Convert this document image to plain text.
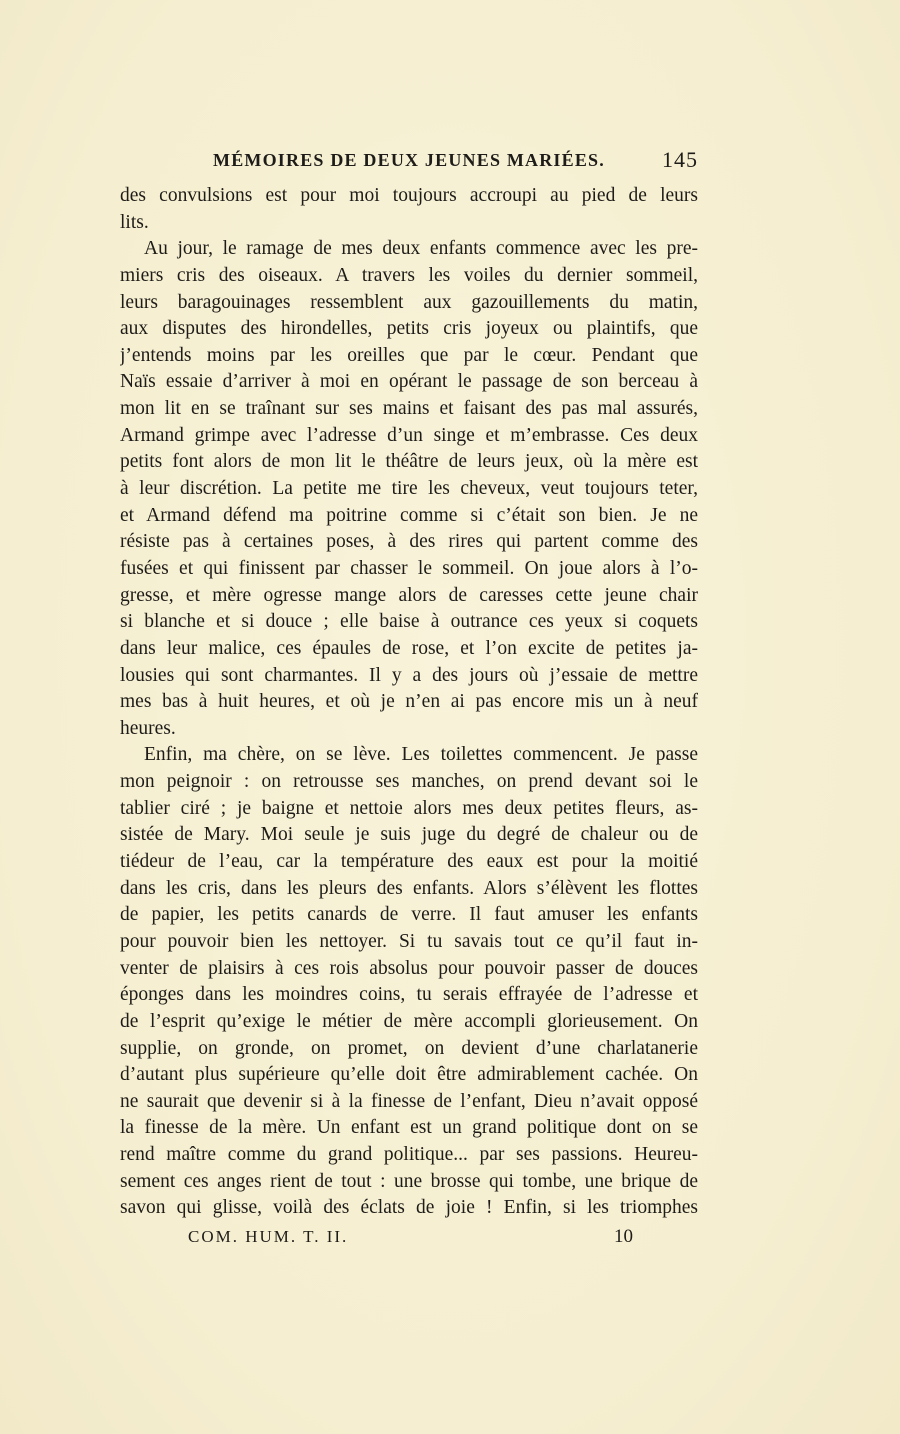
MÉMOIRES DE DEUX JEUNES MARIÉES.	145
des convulsions est pour moi toujours accroupi au pied de leurs
lits.
Au jour, le ramage de mes deux enfants commence avec les pre-
miers cris des oiseaux. A travers les voiles du dernier sommeil,
leurs baragouinages ressemblent aux gazouillements du matin,
aux disputes des hirondelles, petits cris joyeux ou plaintifs, que
j’entends moins par les oreilles que par le cœur. Pendant que
Naïs essaie d’arriver à moi en opérant le passage de son berceau à
mon lit en se traînant sur ses mains et faisant des pas mal assurés,
Armand grimpe avec l’adresse d’un singe et m’embrasse. Ces deux
petits font alors de mon lit le théâtre de leurs jeux, où la mère est
à leur discrétion. La petite me tire les cheveux, veut toujours teter,
et Armand défend ma poitrine comme si c’était son bien. Je ne
résiste pas à certaines poses, à des rires qui partent comme des
fusées et qui finissent par chasser le sommeil. On joue alors à l’o-
gresse, et mère ogresse mange alors de caresses cette jeune chair
si blanche et si douce ; elle baise à outrance ces yeux si coquets
dans leur malice, ces épaules de rose, et l’on excite de petites ja-
lousies qui sont charmantes. Il y a des jours où j’essaie de mettre
mes bas à huit heures, et où je n’en ai pas encore mis un à neuf
heures.
Enfin, ma chère, on se lève. Les toilettes commencent. Je passe
mon peignoir : on retrousse ses manches, on prend devant soi le
tablier ciré ; je baigne et nettoie alors mes deux petites fleurs, as-
sistée de Mary. Moi seule je suis juge du degré de chaleur ou de
tiédeur de l’eau, car la température des eaux est pour la moitié
dans les cris, dans les pleurs des enfants. Alors s’élèvent les flottes
de papier, les petits canards de verre. Il faut amuser les enfants
pour pouvoir bien les nettoyer. Si tu savais tout ce qu’il faut in-
venter de plaisirs à ces rois absolus pour pouvoir passer de douces
éponges dans les moindres coins, tu serais effrayée de l’adresse et
de l’esprit qu’exige le métier de mère accompli glorieusement. On
supplie, on gronde, on promet, on devient d’une charlatanerie
d’autant plus supérieure qu’elle doit être admirablement cachée. On
ne saurait que devenir si à la finesse de l’enfant, Dieu n’avait opposé
la finesse de la mère. Un enfant est un grand politique dont on se
rend maître comme du grand politique... par ses passions. Heureu-
sement ces anges rient de tout : une brosse qui tombe, une brique de
savon qui glisse, voilà des éclats de joie ! Enfin, si les triomphes
COM. HUM. T. II.	10
